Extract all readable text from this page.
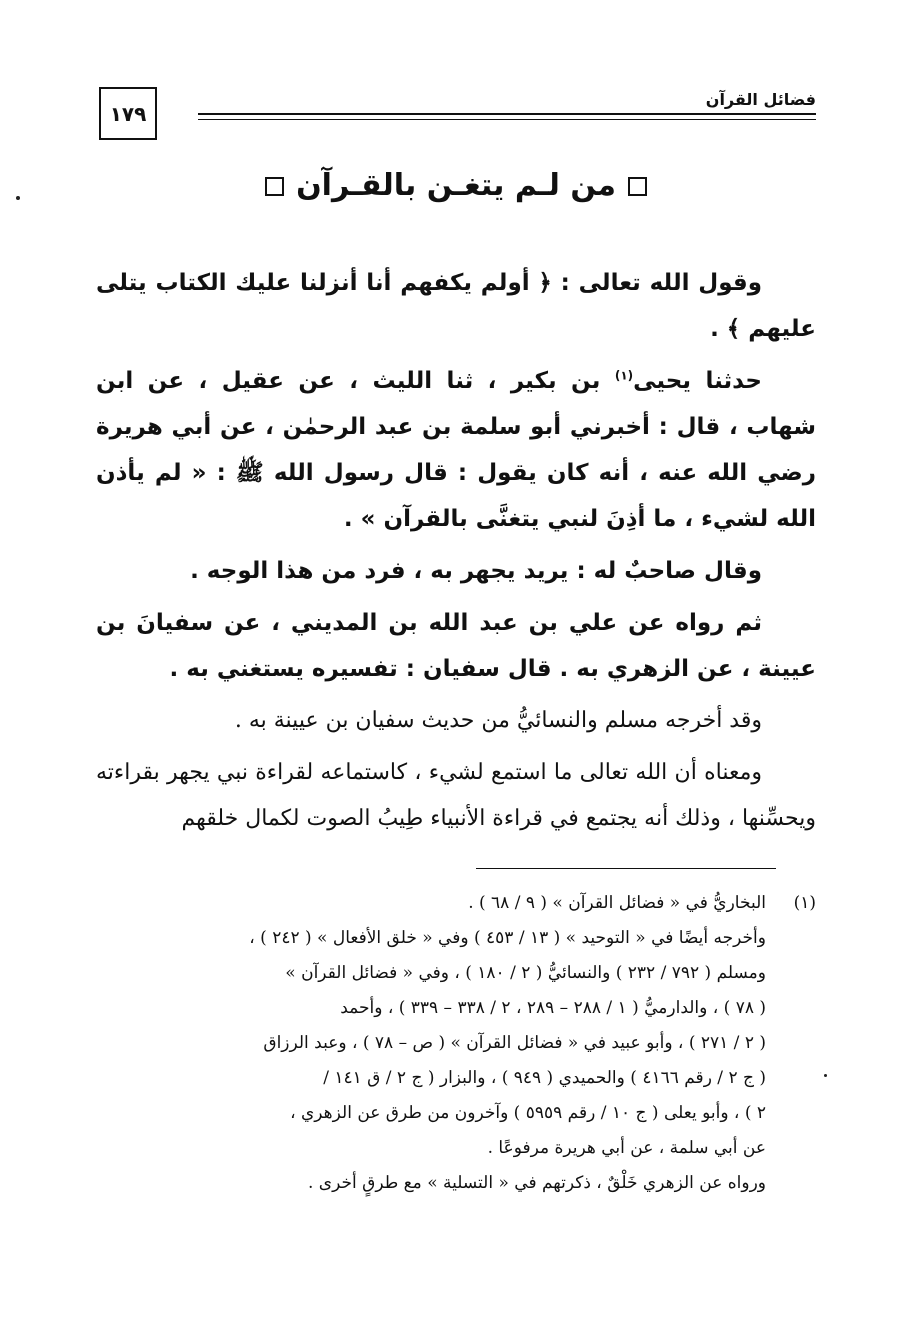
١٧٩
فضائل القرآن
من لـم يتغـن بالقـرآن

وقول الله تعالى : ﴿ أولم يكفهم أنا أنزلنا عليك الكتاب يتلى عليهم ﴾ .

حدثنا يحيى$^{(١)}$ بن بكير ، ثنا الليث ، عن عقيل ، عن ابن شهاب ، قال : أخبرني أبو سلمة بن عبد الرحمٰن ، عن أبي هريرة رضي الله عنه ، أنه كان يقول : قال رسول الله ﷺ : « لم يأذن الله لشيء ، ما أذِنَ لنبي يتغنَّى بالقرآن » .

وقال صاحبٌ له : يريد يجهر به ، فرد من هذا الوجه .

ثم رواه عن علي بن عبد الله بن المديني ، عن سفيانَ بن عيينة ، عن الزهري به . قال سفيان : تفسيره يستغني به .

وقد أخرجه مسلم والنسائيُّ من حديث سفيان بن عيينة به .

ومعناه أن الله تعالى ما استمع لشيء ، كاستماعه لقراءة نبي يجهر بقراءته ويحسِّنها ، وذلك أنه يجتمع في قراءة الأنبياء طِيبُ الصوت لكمال خلقهم

(١)البخاريُّ في « فضائل القرآن » ( ٩ / ٦٨ ) .

وأخرجه أيضًا في « التوحيد » ( ١٣ / ٤٥٣ ) وفي « خلق الأفعال » ( ٢٤٢ ) ،

ومسلم ( ٧٩٢ / ٢٣٢ ) والنسائيُّ ( ٢ / ١٨٠ ) ، وفي « فضائل القرآن »

( ٧٨ ) ، والدارميُّ ( ١ / ٢٨٨ – ٢٨٩ ، ٢ / ٣٣٨ – ٣٣٩ ) ، وأحمد

( ٢ / ٢٧١ ) ، وأبو عبيد في « فضائل القرآن » ( ص – ٧٨ ) ، وعبد الرزاق

( ج ٢ / رقم ٤١٦٦ ) والحميدي ( ٩٤٩ ) ، والبزار ( ج ٢ / ق ١٤١ /

٢ ) ، وأبو يعلى ( ج ١٠ / رقم ٥٩٥٩ ) وآخرون من طرق عن الزهري ،

عن أبي سلمة ، عن أبي هريرة مرفوعًا .

ورواه عن الزهري خَلْقٌ ، ذكرتهم في « التسلية » مع طرقٍ أخرى .
